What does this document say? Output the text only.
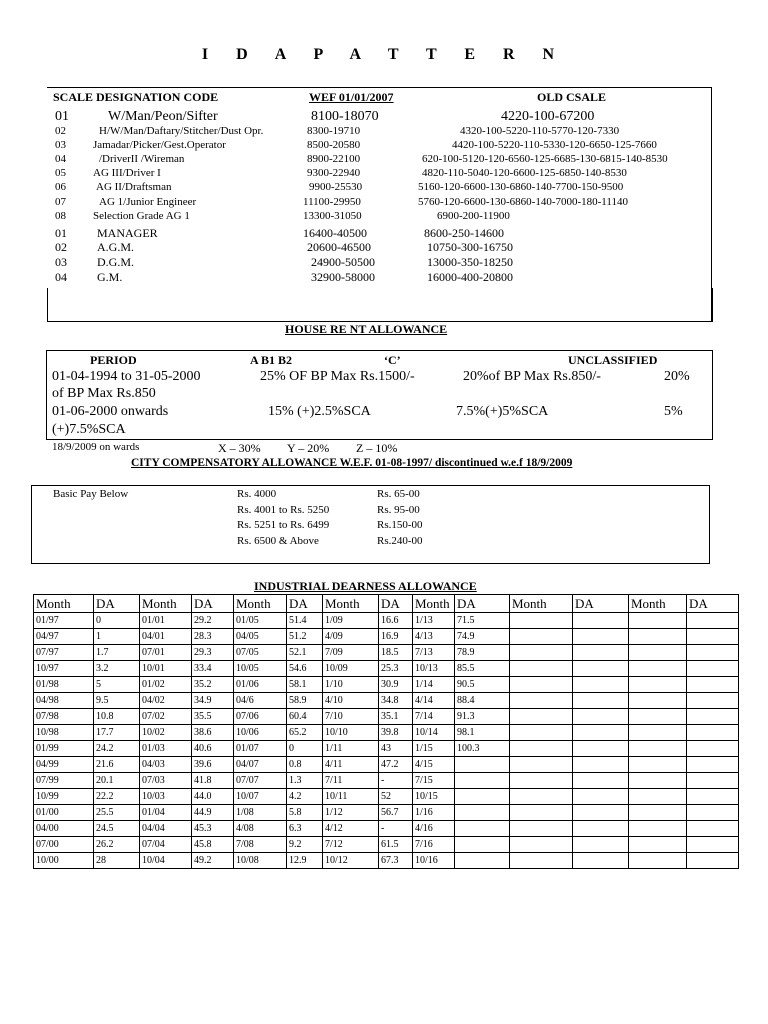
I D A P A T T E R N
SCALE DESIGNATION CODE	WEF 01/01/2007	OLD CSALE
01	W/Man/Peon/Sifter	8100-18070	4220-100-67200
02	H/W/Man/Daftary/Stitcher/Dust Opr.	8300-19710	4320-100-5220-110-5770-120-7330
03 Jamadar/Picker/Gest.Operator	8500-20580	4420-100-5220-110-5330-120-6650-125-7660
04	/DriverII /Wireman	8900-22100	620-100-5120-120-6560-125-6685-130-6815-140-8530
05 AG III/Driver I	9300-22940	4820-110-5040-120-6600-125-6850-140-8530
06	AG II/Draftsman	9900-25530	5160-120-6600-130-6860-140-7700-150-9500
07	AG 1/Junior Engineer	11100-29950	5760-120-6600-130-6860-140-7000-180-11140
08 Selection Grade AG 1	13300-31050	6900-200-11900
01	MANAGER	16400-40500	8600-250-14600
02	A.G.M.	20600-46500	10750-300-16750
03	D.G.M.	24900-50500	13000-350-18250
04	G.M.	32900-58000	16000-400-20800
HOUSE RE NT ALLOWANCE
PERIOD	A B1 B2	‘C’	UNCLASSIFIED
01-04-1994 to 31-05-2000	25% OF BP Max Rs.1500/-	20%of BP Max Rs.850/-	20%
of BP Max Rs.850
01-06-2000 onwards	15% (+)2.5%SCA	7.5%(+)5%SCA	5%
(+)7.5%SCA
18/9/2009 on wards	X – 30% Y – 20% Z – 10%
CITY COMPENSATORY ALLOWANCE W.E.F. 01-08-1997/ discontinued w.e.f 18/9/2009
Basic Pay Below	Rs. 4000	Rs. 65-00
Rs. 4001 to Rs. 5250	Rs. 95-00
Rs. 5251 to Rs. 6499	Rs.150-00
Rs. 6500 & Above	Rs.240-00
INDUSTRIAL DEARNESS ALLOWANCE
Month	DA	Month	DA	Month	DA	Month	DA	Month	DA	Month	DA	Month	DA
01/97	0	01/01	29.2	01/05	51.4	1/09	16.6	1/13	71.5				
04/97	1	04/01	28.3	04/05	51.2	4/09	16.9	4/13	74.9				
07/97	1.7	07/01	29.3	07/05	52.1	7/09	18.5	7/13	78.9				
10/97	3.2	10/01	33.4	10/05	54.6	10/09	25.3	10/13	85.5				
01/98	5	01/02	35.2	01/06	58.1	1/10	30.9	1/14	90.5				
04/98	9.5	04/02	34.9	04/6	58.9	4/10	34.8	4/14	88.4				
07/98	10.8	07/02	35.5	07/06	60.4	7/10	35.1	7/14	91.3				
10/98	17.7	10/02	38.6	10/06	65.2	10/10	39.8	10/14	98.1				
01/99	24.2	01/03	40.6	01/07	0	1/11	43	1/15	100.3				
04/99	21.6	04/03	39.6	04/07	0.8	4/11	47.2	4/15					
07/99	20.1	07/03	41.8	07/07	1.3	7/11	-	7/15					
10/99	22.2	10/03	44.0	10/07	4.2	10/11	52	10/15					
01/00	25.5	01/04	44.9	1/08	5.8	1/12	56.7	1/16					
04/00	24.5	04/04	45.3	4/08	6.3	4/12	-	4/16					
07/00	26.2	07/04	45.8	7/08	9.2	7/12	61.5	7/16					
10/00	28	10/04	49.2	10/08	12.9	10/12	67.3	10/16					
